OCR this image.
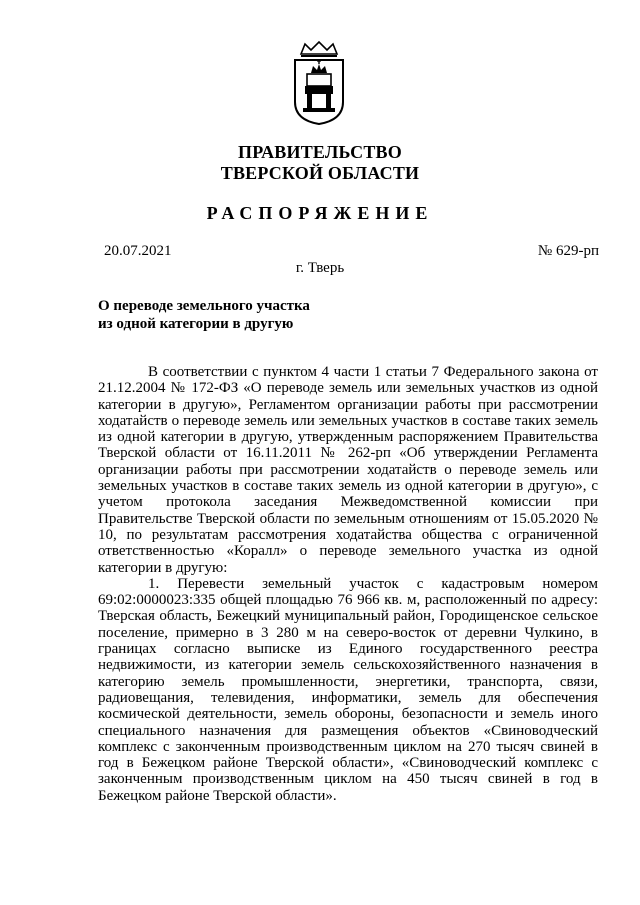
ПРАВИТЕЛЬСТВО
ТВЕРСКОЙ ОБЛАСТИ
РАСПОРЯЖЕНИЕ
20.07.2021	№ 629-рп
г. Тверь
О переводе земельного участка
из одной категории в другую

В соответствии с пунктом 4 части 1 статьи 7 Федерального закона от 21.12.2004 № 172-ФЗ «О переводе земель или земельных участков из одной категории в другую», Регламентом организации работы при рассмотрении ходатайств о переводе земель или земельных участков в составе таких земель из одной категории в другую, утвержденным распоряжением Правительства Тверской области от 16.11.2011 № 262-рп «Об утверждении Регламента организации работы при рассмотрении ходатайств о переводе земель или земельных участков в составе таких земель из одной категории в другую», с учетом протокола заседания Межведомственной комиссии при Правительстве Тверской области по земельным отношениям от 15.05.2020 № 10, по результатам рассмотрения ходатайства общества с ограниченной ответственностью «Коралл» о переводе земельного участка из одной категории в другую:

1. Перевести земельный участок с кадастровым номером 69:02:0000023:335 общей площадью 76 966 кв. м, расположенный по адресу: Тверская область, Бежецкий муниципальный район, Городищенское сельское поселение, примерно в 3 280 м на северо-восток от деревни Чулкино, в границах согласно выписке из Единого государственного реестра недвижимости, из категории земель сельскохозяйственного назначения в категорию земель промышленности, энергетики, транспорта, связи, радиовещания, телевидения, информатики, земель для обеспечения космической деятельности, земель обороны, безопасности и земель иного специального назначения для размещения объектов «Свиноводческий комплекс с законченным производственным циклом на 270 тысяч свиней в год в Бежецком районе Тверской области», «Свиноводческий комплекс с законченным производственным циклом на 450 тысяч свиней в год в Бежецком районе Тверской области».
